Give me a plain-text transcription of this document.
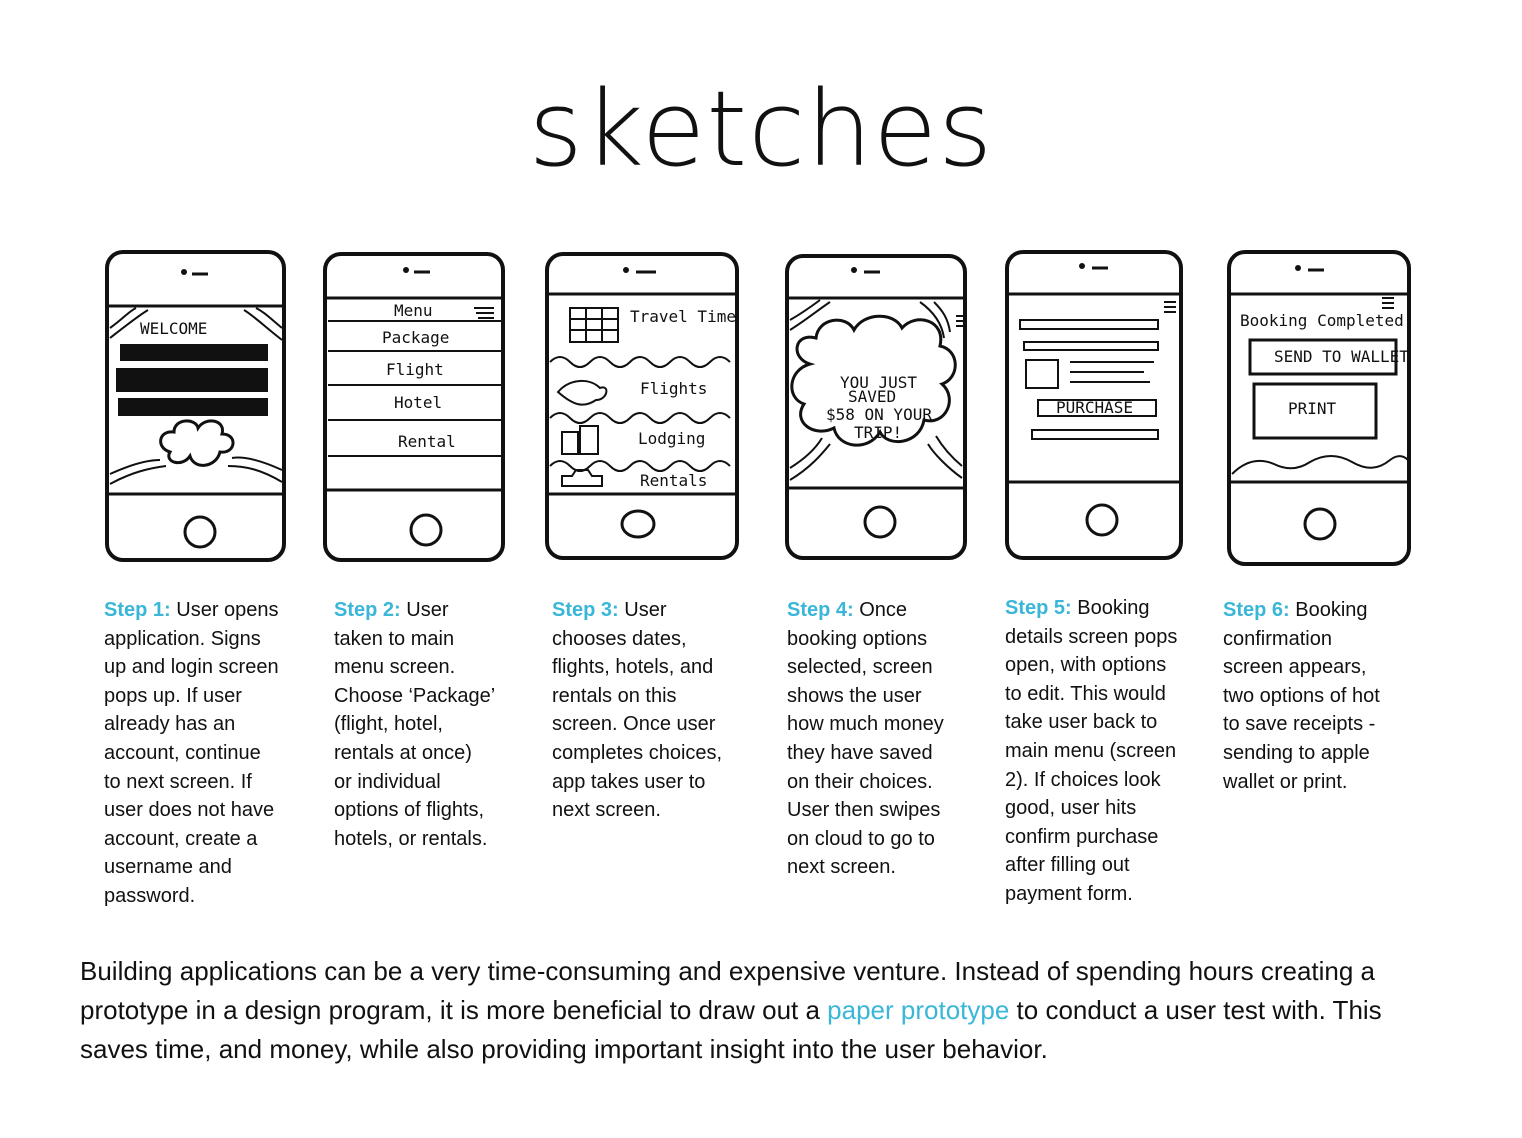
sketches
WELCOME
Menu
Package
Flight
Hotel
Rental
Travel Time
Flights
Lodging
Rentals
YOU JUST
SAVED
$58 ON YOUR
TRIP!
PURCHASE
Booking Completed
SEND TO WALLET
PRINT
Step 1: User opens
application. Signs
up and login screen
pops up. If user
already has an
account, continue
to next screen. If
user does not have
account, create a
username and
password.
Step 2: User
taken to main
menu screen.
Choose ‘Package’
(flight, hotel,
rentals at once)
or individual
options of flights,
hotels, or rentals.
Step 3: User
chooses dates,
flights, hotels, and
rentals on this
screen. Once user
completes choices,
app takes user to
next screen.
Step 4: Once
booking options
selected, screen
shows the user
how much money
they have saved
on their choices.
User then swipes
on cloud to go to
next screen.
Step 5: Booking
details screen pops
open, with options
to edit. This would
take user back to
main menu (screen
2). If choices look
good, user hits
confirm purchase
after filling out
payment form.
Step 6: Booking
confirmation
screen appears,
two options of hot
to save receipts -
sending to apple
wallet or print.
Building applications can be a very time-consuming and expensive venture. Instead of spending hours creating a prototype in a design program, it is more beneficial to draw out a paper prototype to conduct a user test with. This saves time, and money, while also providing important insight into the user behavior.
